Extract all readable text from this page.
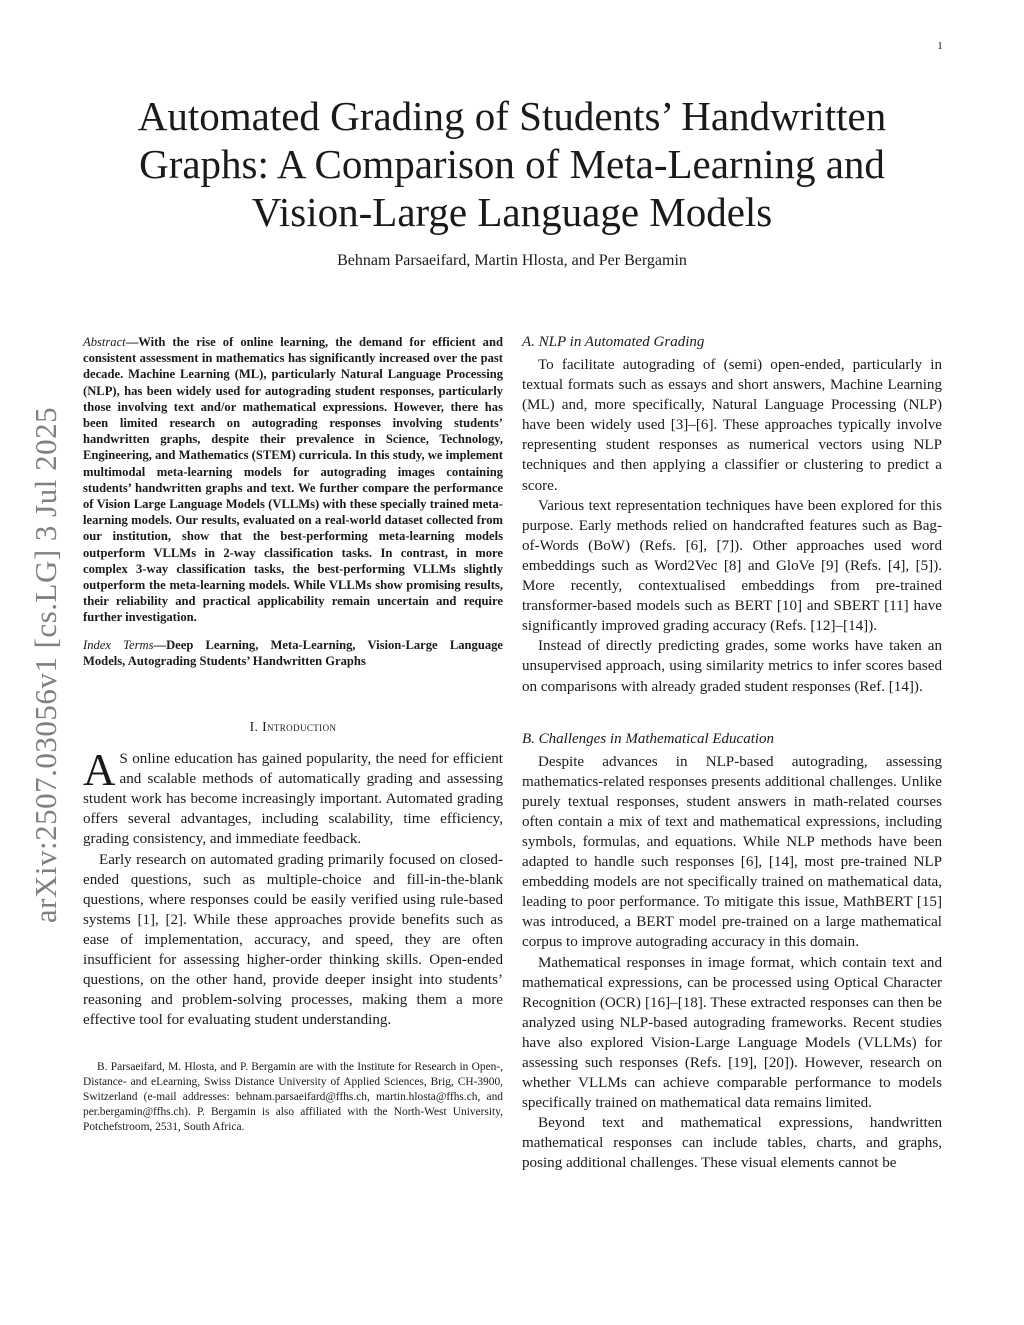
1
arXiv:2507.03056v1 [cs.LG] 3 Jul 2025
Automated Grading of Students’ Handwritten Graphs: A Comparison of Meta-Learning and Vision-Large Language Models
Behnam Parsaeifard, Martin Hlosta, and Per Bergamin

Abstract—With the rise of online learning, the demand for efficient and consistent assessment in mathematics has significantly increased over the past decade. Machine Learning (ML), particularly Natural Language Processing (NLP), has been widely used for autograding student responses, particularly those involving text and/or mathematical expressions. However, there has been limited research on autograding responses involving students’ handwritten graphs, despite their prevalence in Science, Technology, Engineering, and Mathematics (STEM) curricula. In this study, we implement multimodal meta-learning models for autograding images containing students’ handwritten graphs and text. We further compare the performance of Vision Large Language Models (VLLMs) with these specially trained meta-learning models. Our results, evaluated on a real-world dataset collected from our institution, show that the best-performing meta-learning models outperform VLLMs in 2-way classification tasks. In contrast, in more complex 3-way classification tasks, the best-performing VLLMs slightly outperform the meta-learning models. While VLLMs show promising results, their reliability and practical applicability remain uncertain and require further investigation.

Index Terms—Deep Learning, Meta-Learning, Vision-Large Language Models, Autograding Students’ Handwritten Graphs

I. Introduction

A S online education has gained popularity, the need for efficient and scalable methods of automatically grading and assessing student work has become increasingly important. Automated grading offers several advantages, including scalability, time efficiency, grading consistency, and immediate feedback.

Early research on automated grading primarily focused on closed-ended questions, such as multiple-choice and fill-in-the-blank questions, where responses could be easily verified using rule-based systems [1], [2]. While these approaches provide benefits such as ease of implementation, accuracy, and speed, they are often insufficient for assessing higher-order thinking skills. Open-ended questions, on the other hand, provide deeper insight into students’ reasoning and problem-solving processes, making them a more effective tool for evaluating student understanding.

B. Parsaeifard, M. Hlosta, and P. Bergamin are with the Institute for Research in Open-, Distance- and eLearning, Swiss Distance University of Applied Sciences, Brig, CH-3900, Switzerland (e-mail addresses: behnam.parsaeifard@ffhs.ch, martin.hlosta@ffhs.ch, and per.bergamin@ffhs.ch). P. Bergamin is also affiliated with the North-West University, Potchefstroom, 2531, South Africa.

A. NLP in Automated Grading

To facilitate autograding of (semi) open-ended, particularly in textual formats such as essays and short answers, Machine Learning (ML) and, more specifically, Natural Language Processing (NLP) have been widely used [3]–[6]. These approaches typically involve representing student responses as numerical vectors using NLP techniques and then applying a classifier or clustering to predict a score.

Various text representation techniques have been explored for this purpose. Early methods relied on handcrafted features such as Bag-of-Words (BoW) (Refs. [6], [7]). Other approaches used word embeddings such as Word2Vec [8] and GloVe [9] (Refs. [4], [5]). More recently, contextualised embeddings from pre-trained transformer-based models such as BERT [10] and SBERT [11] have significantly improved grading accuracy (Refs. [12]–[14]).

Instead of directly predicting grades, some works have taken an unsupervised approach, using similarity metrics to infer scores based on comparisons with already graded student responses (Ref. [14]).

B. Challenges in Mathematical Education

Despite advances in NLP-based autograding, assessing mathematics-related responses presents additional challenges. Unlike purely textual responses, student answers in math-related courses often contain a mix of text and mathematical expressions, including symbols, formulas, and equations. While NLP methods have been adapted to handle such responses [6], [14], most pre-trained NLP embedding models are not specifically trained on mathematical data, leading to poor performance. To mitigate this issue, MathBERT [15] was introduced, a BERT model pre-trained on a large mathematical corpus to improve autograding accuracy in this domain.

Mathematical responses in image format, which contain text and mathematical expressions, can be processed using Optical Character Recognition (OCR) [16]–[18]. These extracted responses can then be analyzed using NLP-based autograding frameworks. Recent studies have also explored Vision-Large Language Models (VLLMs) for assessing such responses (Refs. [19], [20]). However, research on whether VLLMs can achieve comparable performance to models specifically trained on mathematical data remains limited.

Beyond text and mathematical expressions, handwritten mathematical responses can include tables, charts, and graphs, posing additional challenges. These visual elements cannot be
